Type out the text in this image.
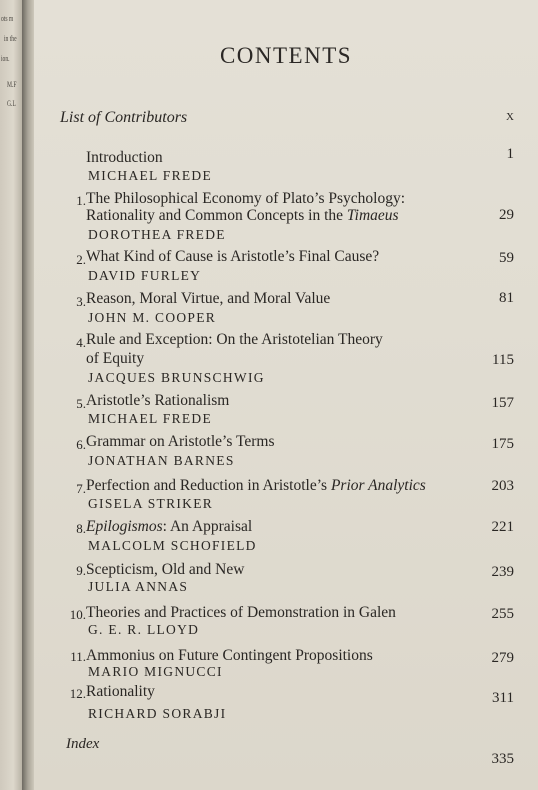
ots m
in the
ion.
M.F
G.L
CONTENTS
List of Contributors	x
Introduction
MICHAEL FREDE
1
1. The Philosophical Economy of Plato’s Psychology:
Rationality and Common Concepts in the Timaeus
DOROTHEA FREDE
29
2. What Kind of Cause is Aristotle’s Final Cause?
DAVID FURLEY
59
3. Reason, Moral Virtue, and Moral Value
JOHN M. COOPER
81
4. Rule and Exception: On the Aristotelian Theory
of Equity
JACQUES BRUNSCHWIG
115
5. Aristotle’s Rationalism
MICHAEL FREDE
157
6. Grammar on Aristotle’s Terms
JONATHAN BARNES
175
7. Perfection and Reduction in Aristotle’s Prior Analytics
GISELA STRIKER
203
8. Epilogismos: An Appraisal
MALCOLM SCHOFIELD
221
9. Scepticism, Old and New
JULIA ANNAS
239
10. Theories and Practices of Demonstration in Galen
G. E. R. LLOYD
255
11. Ammonius on Future Contingent Propositions
MARIO MIGNUCCI
279
12. Rationality
RICHARD SORABJI
311
Index
335
